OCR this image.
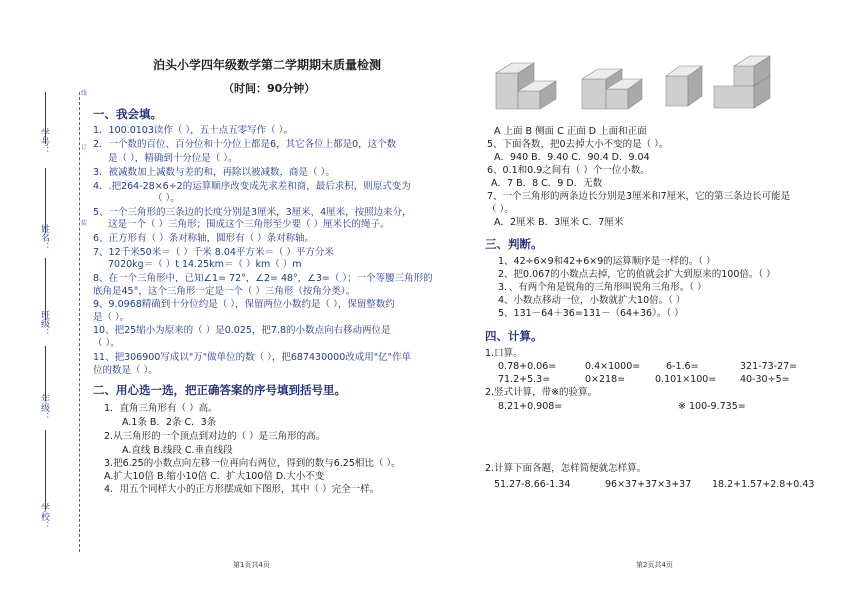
学号：
姓名：
班级：
年级：
学校：
线
订
装
泊头小学四年级数学第二学期期末质量检测
（时间：90分钟）
一、我会填。
1．100.0103读作（ ），五十点五零写作（ ）。
2．一个数的百位、百分位和十分位上都是6，其它各位上都是0，这个数
是（ ），精确到十分位是（ ）。
3．被减数加上减数与差的和，再除以被减数，商是（ ）。
4．.把264-28×6÷2的运算顺序改变成先求差和商，最后求积，则原式变为
（ ）。
5、一个三角形的三条边的长度分别是3厘米，3厘米，4厘米，按照边来分，
这是一个（ ）三角形；围成这个三角形至少要（ ）厘米长的绳子。
6、正方形有（ ）条对称轴，圆形有（ ）条对称轴。
7、12千米50米＝（ ）千米 8.04平方米＝（ ）平方分米
7020kg＝（ ）t 14.25km＝（ ）km（ ）m
8、在一个三角形中，已知∠1= 72°，∠2= 48°，∠3=（ ）；一个等腰三角形的
底角是45°，这个三角形一定是一个（ ）三角形（按角分类）。
9、9.0968精确到十分位约是（ ），保留两位小数约是（ ），保留整数约
是（ ）。
10、把25缩小为原来的（ ）是0.025，把7.8的小数点向右移动两位是
（ ）。
11、把306900写成以"万"做单位的数（ ），把687430000改成用"亿"作单
位的数是（ ）。
二、用心选一选，把正确答案的序号填到括号里。
1．直角三角形有（ ）高。
A.1条 B．2条 C．3条
2.从三角形的一个顶点到对边的（ ）是三角形的高。
A.直线 B.线段 C.垂直线段
3.把6.25的小数点向左移一位再向右两位，得到的数与6.25相比（ ）。
A.扩大10倍 B.缩小10倍 C．扩大100倍 D.大小不变
4．用五个同样大小的正方形摆成如下图形，其中（ ）完全一样。
第1页共4页
A 上面 B 侧面 C 正面 D 上面和正面
5、下面各数，把0去掉大小不变的是（ ）。
A．940 B．9.40 C．90.4 D．9.04
6、0.1和0.9之间有（ ）个一位小数。
A．7 B．8 C．9 D．无数
7、一个三角形的两条边长分别是3厘米和7厘米，它的第三条边长可能是
（ ）。
A．2厘米 B．3厘米 C．7厘米
三、判断。
1、42÷6×9和42+6×9的运算顺序是一样的。（ ）
2、把0.067的小数点去掉，它的值就会扩大到原来的100倍。（ ）
3．、有两个角是锐角的三角形叫锐角三角形。（ ）
4、小数点移动一位，小数就扩大10倍。（ ）
5、131－64＋36=131－（64+36）。（ ）
四、计算。
1.口算。
0.78+0.06=	0.4×1000=	6-1.6=	321-73-27=
71.2+5.3=	0×218=	0.101×100=	40-30÷5=
2.竖式计算，带※的验算。
8.21+0.908=	※ 100-9.735=
2.计算下面各题，怎样简便就怎样算。
51.27-8.66-1.34	96×37+37×3+37 18.2+1.57+2.8+0.43
第2页共4页
